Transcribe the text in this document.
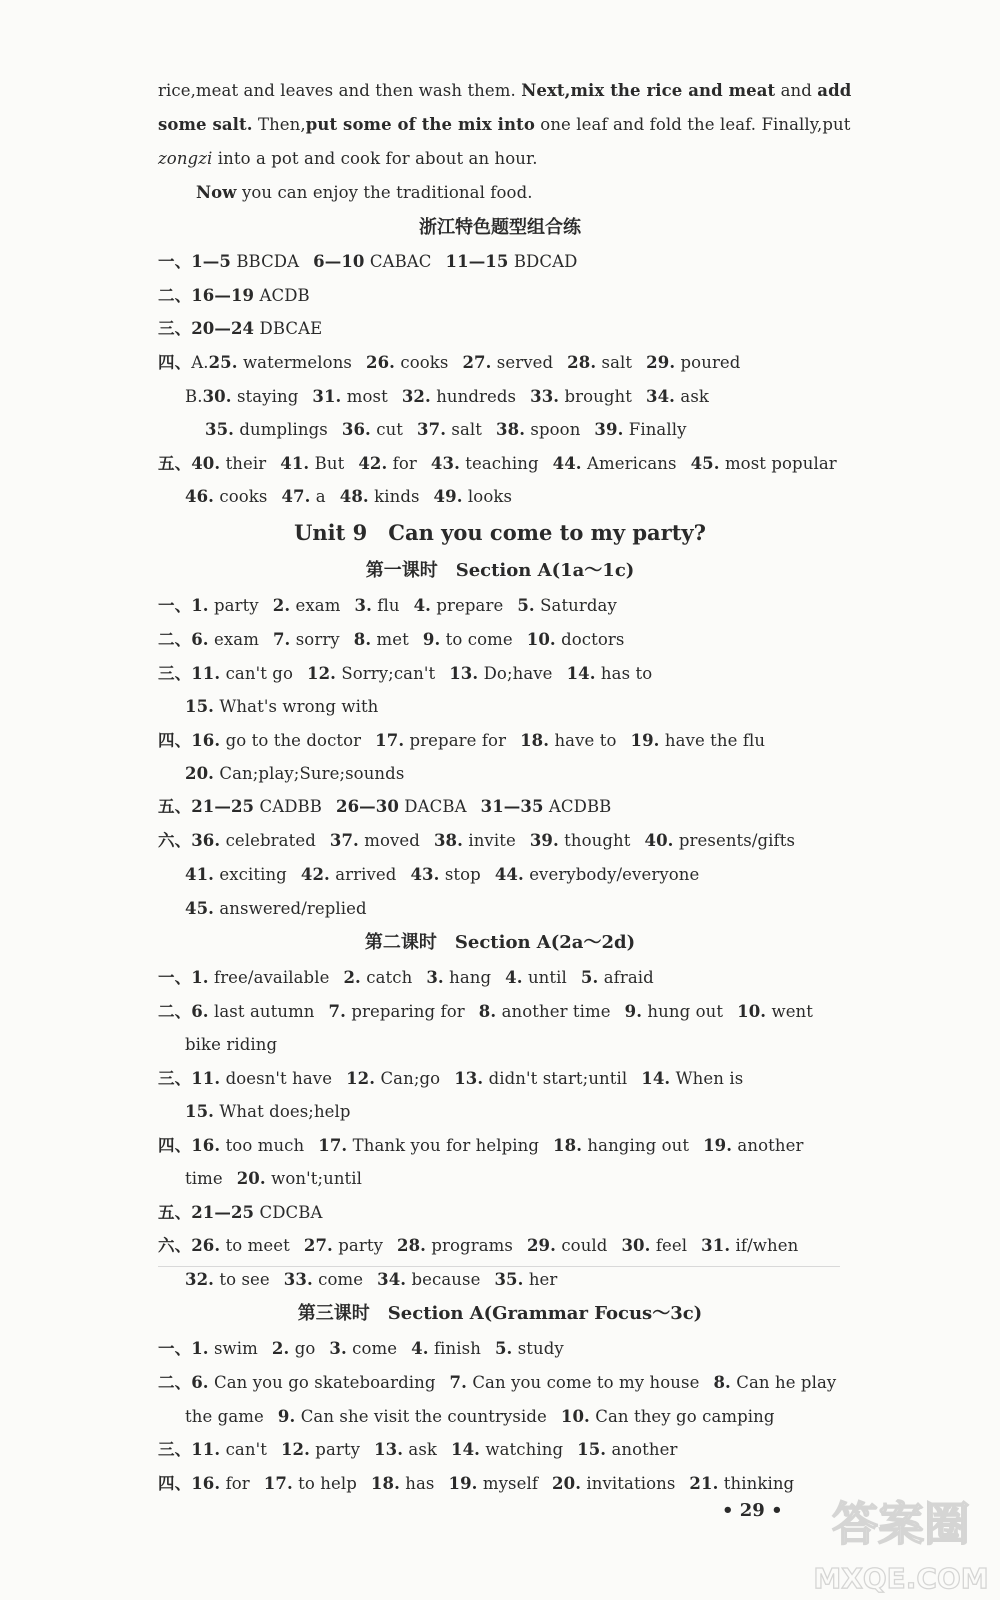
rice,meat and leaves and then wash them. Next,mix the rice and meat and add
some salt. Then,put some of the mix into one leaf and fold the leaf. Finally,put
zongzi into a pot and cook for about an hour.
Now you can enjoy the traditional food.
浙江特色题型组合练
一、1—5 BBCDA 6—10 CABAC 11—15 BDCAD
二、16—19 ACDB
三、20—24 DBCAE
四、A.25. watermelons 26. cooks 27. served 28. salt 29. poured
B.30. staying 31. most 32. hundreds 33. brought 34. ask
35. dumplings 36. cut 37. salt 38. spoon 39. Finally
五、40. their 41. But 42. for 43. teaching 44. Americans 45. most popular
46. cooks 47. a 48. kinds 49. looks
Unit 9　Can you come to my party?
第一课时　Section A(1a～1c)
一、1. party 2. exam 3. flu 4. prepare 5. Saturday
二、6. exam 7. sorry 8. met 9. to come 10. doctors
三、11. can't go 12. Sorry;can't 13. Do;have 14. has to
15. What's wrong with
四、16. go to the doctor 17. prepare for 18. have to 19. have the flu
20. Can;play;Sure;sounds
五、21—25 CADBB 26—30 DACBA 31—35 ACDBB
六、36. celebrated 37. moved 38. invite 39. thought 40. presents/gifts
41. exciting 42. arrived 43. stop 44. everybody/everyone
45. answered/replied
第二课时　Section A(2a～2d)
一、1. free/available 2. catch 3. hang 4. until 5. afraid
二、6. last autumn 7. preparing for 8. another time 9. hung out 10. went
bike riding
三、11. doesn't have 12. Can;go 13. didn't start;until 14. When is
15. What does;help
四、16. too much 17. Thank you for helping 18. hanging out 19. another
time 20. won't;until
五、21—25 CDCBA
六、26. to meet 27. party 28. programs 29. could 30. feel 31. if/when
32. to see 33. come 34. because 35. her
第三课时　Section A(Grammar Focus～3c)
一、1. swim 2. go 3. come 4. finish 5. study
二、6. Can you go skateboarding 7. Can you come to my house 8. Can he play
the game 9. Can she visit the countryside 10. Can they go camping
三、11. can't 12. party 13. ask 14. watching 15. another
四、16. for 17. to help 18. has 19. myself 20. invitations 21. thinking
• 29 • 答案圈
MXQE.COM
